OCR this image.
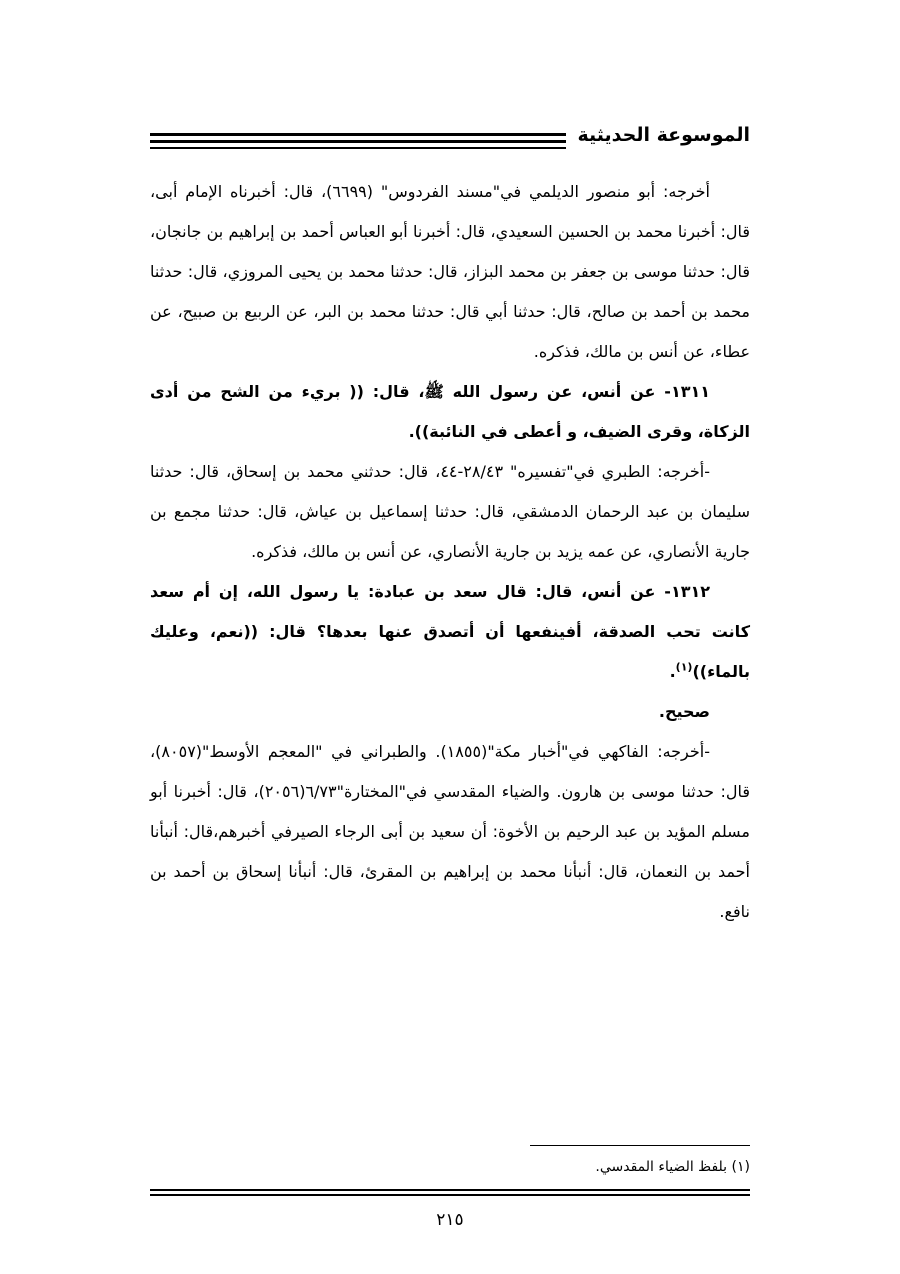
الموسوعة الحديثية

أخرجه: أبو منصور الديلمي في"مسند الفردوس" (٦٦٩٩)، قال: أخبرناه الإمام أبى، قال: أخبرنا محمد بن الحسين السعيدي، قال: أخبرنا أبو العباس أحمد بن إبراهيم بن جانجان، قال: حدثنا موسى بن جعفر بن محمد البزاز، قال: حدثنا محمد بن يحيى المروزي، قال: حدثنا محمد بن أحمد بن صالح، قال: حدثنا أبي قال: حدثنا محمد بن البر، عن الربيع بن صبيح، عن عطاء، عن أنس بن مالك، فذكره.

١٣١١- عن أنس، عن رسول الله ﷺ، قال: (( بريء من الشح من أدى الزكاة، وقرى الضيف، و أعطى في النائبة)).

-أخرجه: الطبري في"تفسيره" ٢٨/٤٣-٤٤، قال: حدثني محمد بن إسحاق، قال: حدثنا سليمان بن عبد الرحمان الدمشقي، قال: حدثنا إسماعيل بن عياش، قال: حدثنا مجمع بن جارية الأنصاري، عن عمه يزيد بن جارية الأنصاري، عن أنس بن مالك، فذكره.

١٣١٢- عن أنس، قال: قال سعد بن عبادة: يا رسول الله، إن أم سعد كانت تحب الصدقة، أفينفعها أن أتصدق عنها بعدها؟ قال: ((نعم، وعليك بالماء))$^{(١)}$.

صحيح.

-أخرجه: الفاكهي في"أخبار مكة"(١٨٥٥). والطبراني في "المعجم الأوسط"(٨٠٥٧)، قال: حدثنا موسى بن هارون. والضياء المقدسي في"المختارة"٦/٧٣(٢٠٥٦)، قال: أخبرنا أبو مسلم المؤيد بن عبد الرحيم بن الأخوة: أن سعيد بن أبى الرجاء الصيرفي أخبرهم،قال: أنبأنا أحمد بن النعمان، قال: أنبأنا محمد بن إبراهيم بن المقرئ، قال: أنبأنا إسحاق بن أحمد بن نافع.

(١) بلفظ الضياء المقدسي.
٢١٥
